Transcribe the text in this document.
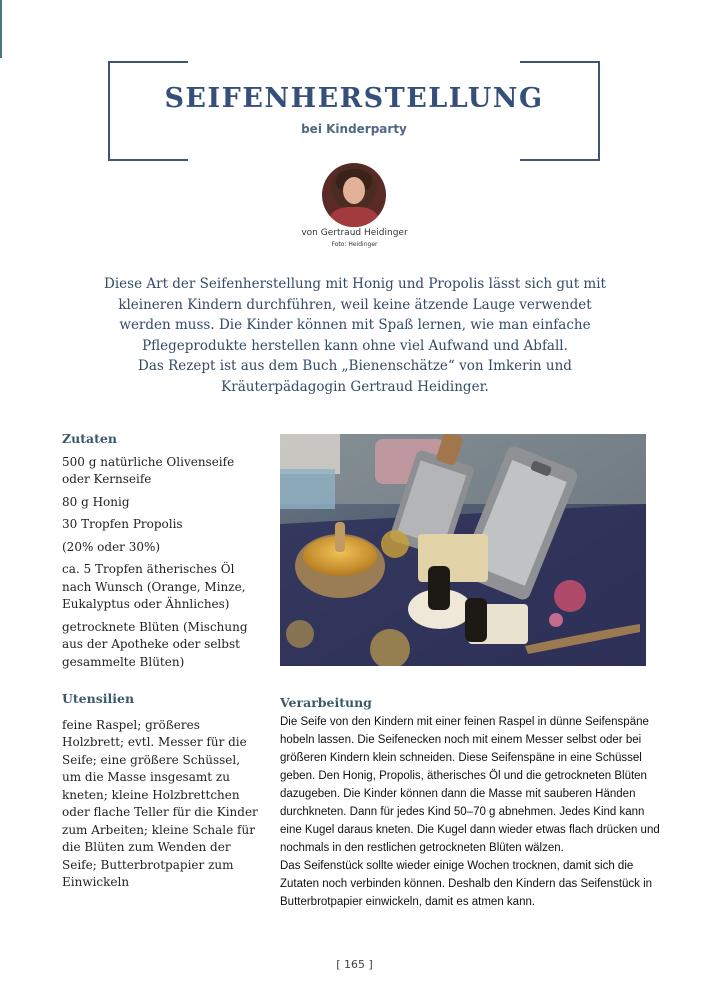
SEIFENHERSTELLUNG
bei Kinderparty
von Gertraud Heidinger
Foto: Heidinger
Diese Art der Seifenherstellung mit Honig und Propolis lässt sich gut mit
kleineren Kindern durchführen, weil keine ätzende Lauge verwendet
werden muss. Die Kinder können mit Spaß lernen, wie man einfache
Pflegeprodukte herstellen kann ohne viel Aufwand und Abfall.
Das Rezept ist aus dem Buch „Bienenschätze“ von Imkerin und
Kräuterpädagogin Gertraud Heidinger.
Zutaten
500 g natürliche Olivenseife oder Kernseife
80 g Honig
30 Tropfen Propolis
(20% oder 30%)
ca. 5 Tropfen ätherisches Öl nach Wunsch (Orange, Minze, Eukalyptus oder Ähnliches)
getrocknete Blüten (Mischung aus der Apotheke oder selbst gesammelte Blüten)
Utensilien
feine Raspel; größeres Holzbrett; evtl. Messer für die Seife; eine größere Schüssel, um die Masse insgesamt zu kneten; kleine Holzbrettchen oder flache Teller für die Kinder zum Arbeiten; kleine Schale für die Blüten zum Wenden der Seife; Butterbrotpapier zum Einwickeln
Verarbeitung

Die Seife von den Kindern mit einer feinen Raspel in dünne Seifenspäne hobeln lassen. Die Seifenecken noch mit einem Messer selbst oder bei größeren Kindern klein schneiden. Diese Seifenspäne in eine Schüssel geben. Den Honig, Propolis, ätherisches Öl und die getrockneten Blüten dazugeben. Die Kinder können dann die Masse mit sauberen Händen durchkneten. Dann für jedes Kind 50–70 g abnehmen. Jedes Kind kann eine Kugel daraus kneten. Die Kugel dann wieder etwas flach drücken und nochmals in den restlichen getrockneten Blüten wälzen.

Das Seifenstück sollte wieder einige Wochen trocknen, damit sich die Zutaten noch verbinden können. Deshalb den Kindern das Seifenstück in Butterbrotpapier einwickeln, damit es atmen kann.

[ 165 ]
